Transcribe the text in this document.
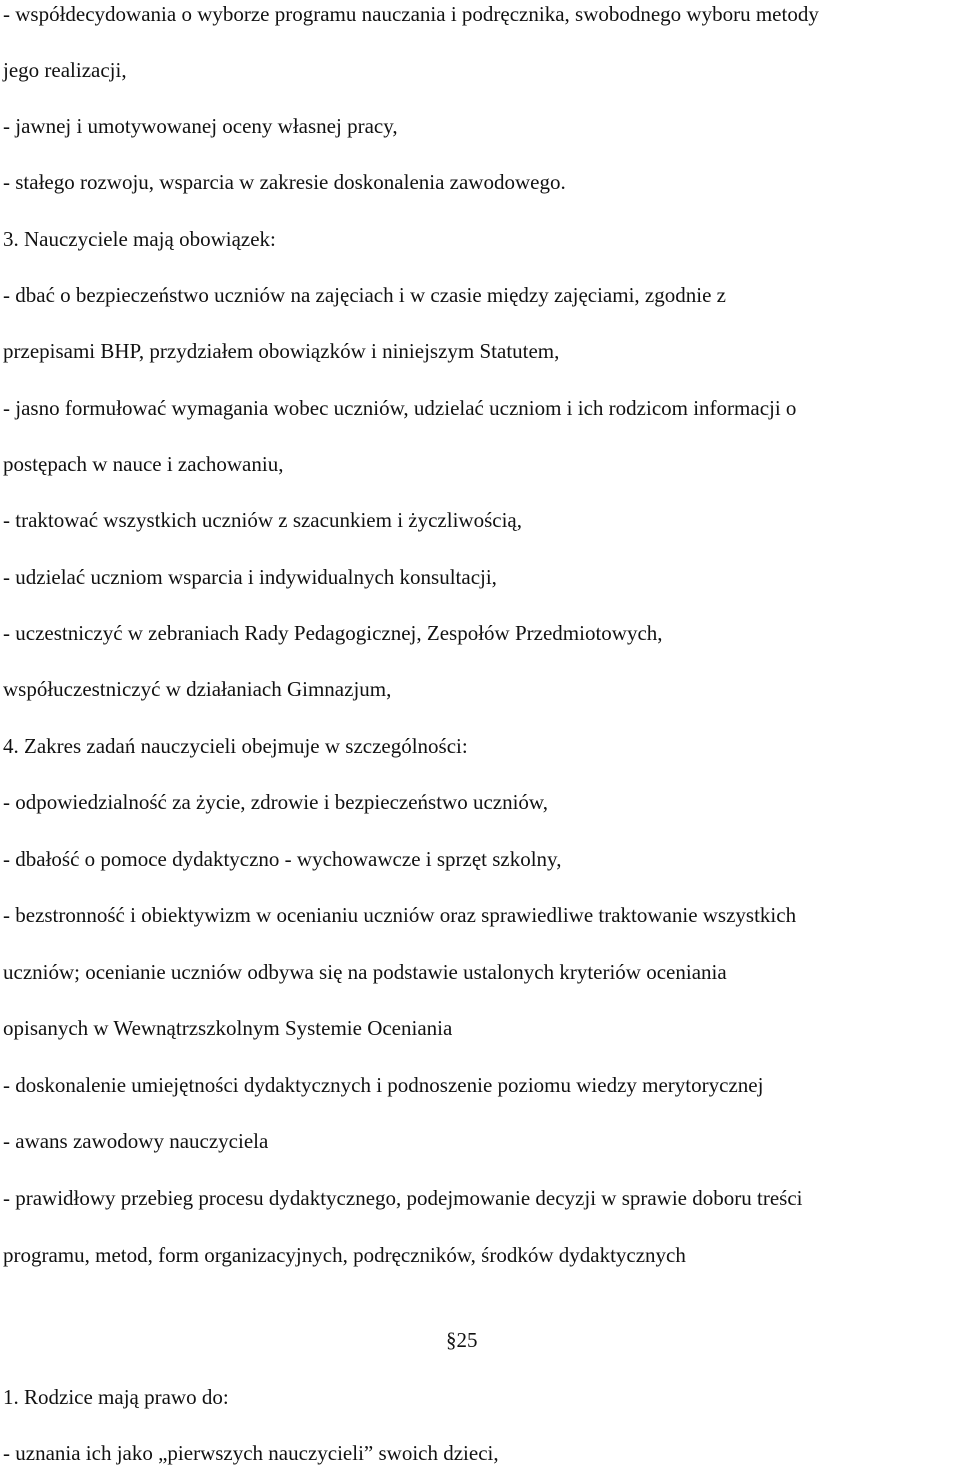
- współdecydowania o wyborze programu nauczania i podręcznika, swobodnego wyboru metody
jego realizacji,
- jawnej i umotywowanej oceny własnej pracy,
- stałego rozwoju, wsparcia w zakresie doskonalenia zawodowego.
3. Nauczyciele mają obowiązek:
- dbać o bezpieczeństwo uczniów na zajęciach i w czasie między zajęciami, zgodnie z
przepisami BHP, przydziałem obowiązków i niniejszym Statutem,
- jasno formułować wymagania wobec uczniów, udzielać uczniom i ich rodzicom informacji o
postępach w nauce i zachowaniu,
- traktować wszystkich uczniów z szacunkiem i życzliwością,
- udzielać uczniom wsparcia i indywidualnych konsultacji,
- uczestniczyć w zebraniach Rady Pedagogicznej, Zespołów Przedmiotowych,
współuczestniczyć w działaniach Gimnazjum,
4. Zakres zadań nauczycieli obejmuje w szczególności:
- odpowiedzialność za życie, zdrowie i bezpieczeństwo uczniów,
- dbałość o pomoce dydaktyczno - wychowawcze i sprzęt szkolny,
- bezstronność i obiektywizm w ocenianiu uczniów oraz sprawiedliwe traktowanie wszystkich
uczniów; ocenianie uczniów odbywa się na podstawie ustalonych kryteriów oceniania
opisanych w Wewnątrzszkolnym Systemie Oceniania
- doskonalenie umiejętności dydaktycznych i podnoszenie poziomu wiedzy merytorycznej
- awans zawodowy nauczyciela
- prawidłowy przebieg procesu dydaktycznego, podejmowanie decyzji w sprawie doboru treści
programu, metod, form organizacyjnych, podręczników, środków dydaktycznych
§25
1. Rodzice mają prawo do:
- uznania ich jako „pierwszych nauczycieli” swoich dzieci,
